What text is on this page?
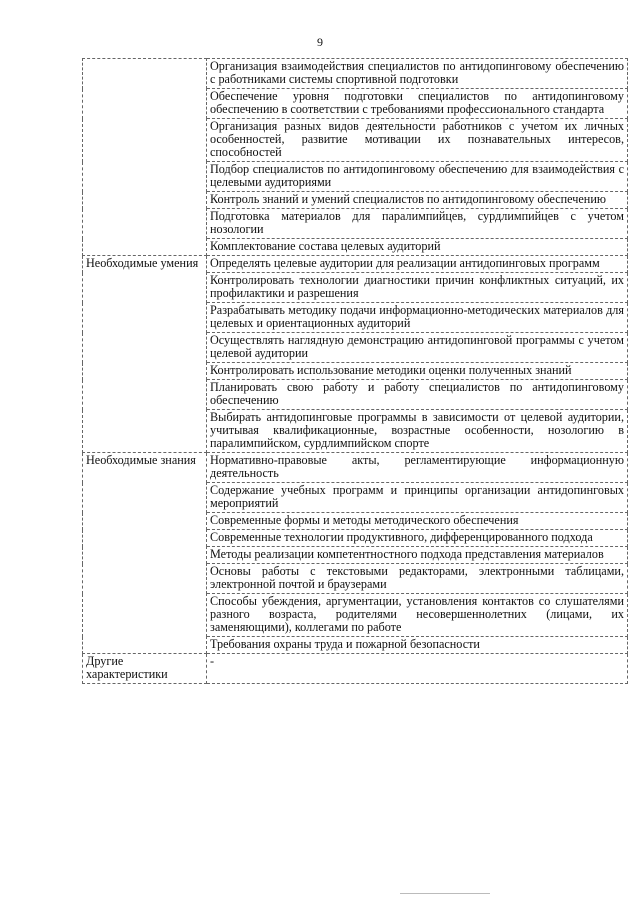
9
	Организация взаимодействия специалистов по антидопинговому обеспечению с работниками системы спортивной подготовки
	Обеспечение уровня подготовки специалистов по антидопинговому обеспечению в соответствии с требованиями профессионального стандарта
	Организация разных видов деятельности работников с учетом их личных особенностей, развитие мотивации их познавательных интересов, способностей
	Подбор специалистов по антидопинговому обеспечению для взаимодействия с целевыми аудиториями
	Контроль знаний и умений специалистов по антидопинговому обеспечению
	Подготовка материалов для паралимпийцев, сурдлимпийцев с учетом нозологии
	Комплектование состава целевых аудиторий
Необходимые умения	Определять целевые аудитории для реализации антидопинговых программ
	Контролировать технологии диагностики причин конфликтных ситуаций, их профилактики и разрешения
	Разрабатывать методику подачи информационно-методических материалов для целевых и ориентационных аудиторий
	Осуществлять наглядную демонстрацию антидопинговой программы с учетом целевой аудитории
	Контролировать использование методики оценки полученных знаний
	Планировать свою работу и работу специалистов по антидопинговому обеспечению
	Выбирать антидопинговые программы в зависимости от целевой аудитории, учитывая квалификационные, возрастные особенности, нозологию в паралимпийском, сурдлимпийском спорте
Необходимые знания	Нормативно-правовые акты, регламентирующие информационную деятельность
	Содержание учебных программ и принципы организации антидопинговых мероприятий
	Современные формы и методы методического обеспечения
	Современные технологии продуктивного, дифференцированного подхода
	Методы реализации компетентностного подхода представления материалов
	Основы работы с текстовыми редакторами, электронными таблицами, электронной почтой и браузерами
	Способы убеждения, аргументации, установления контактов со слушателями разного возраста, родителями несовершеннолетних (лицами, их заменяющими), коллегами по работе
	Требования охраны труда и пожарной безопасности
Другие характеристики	-
